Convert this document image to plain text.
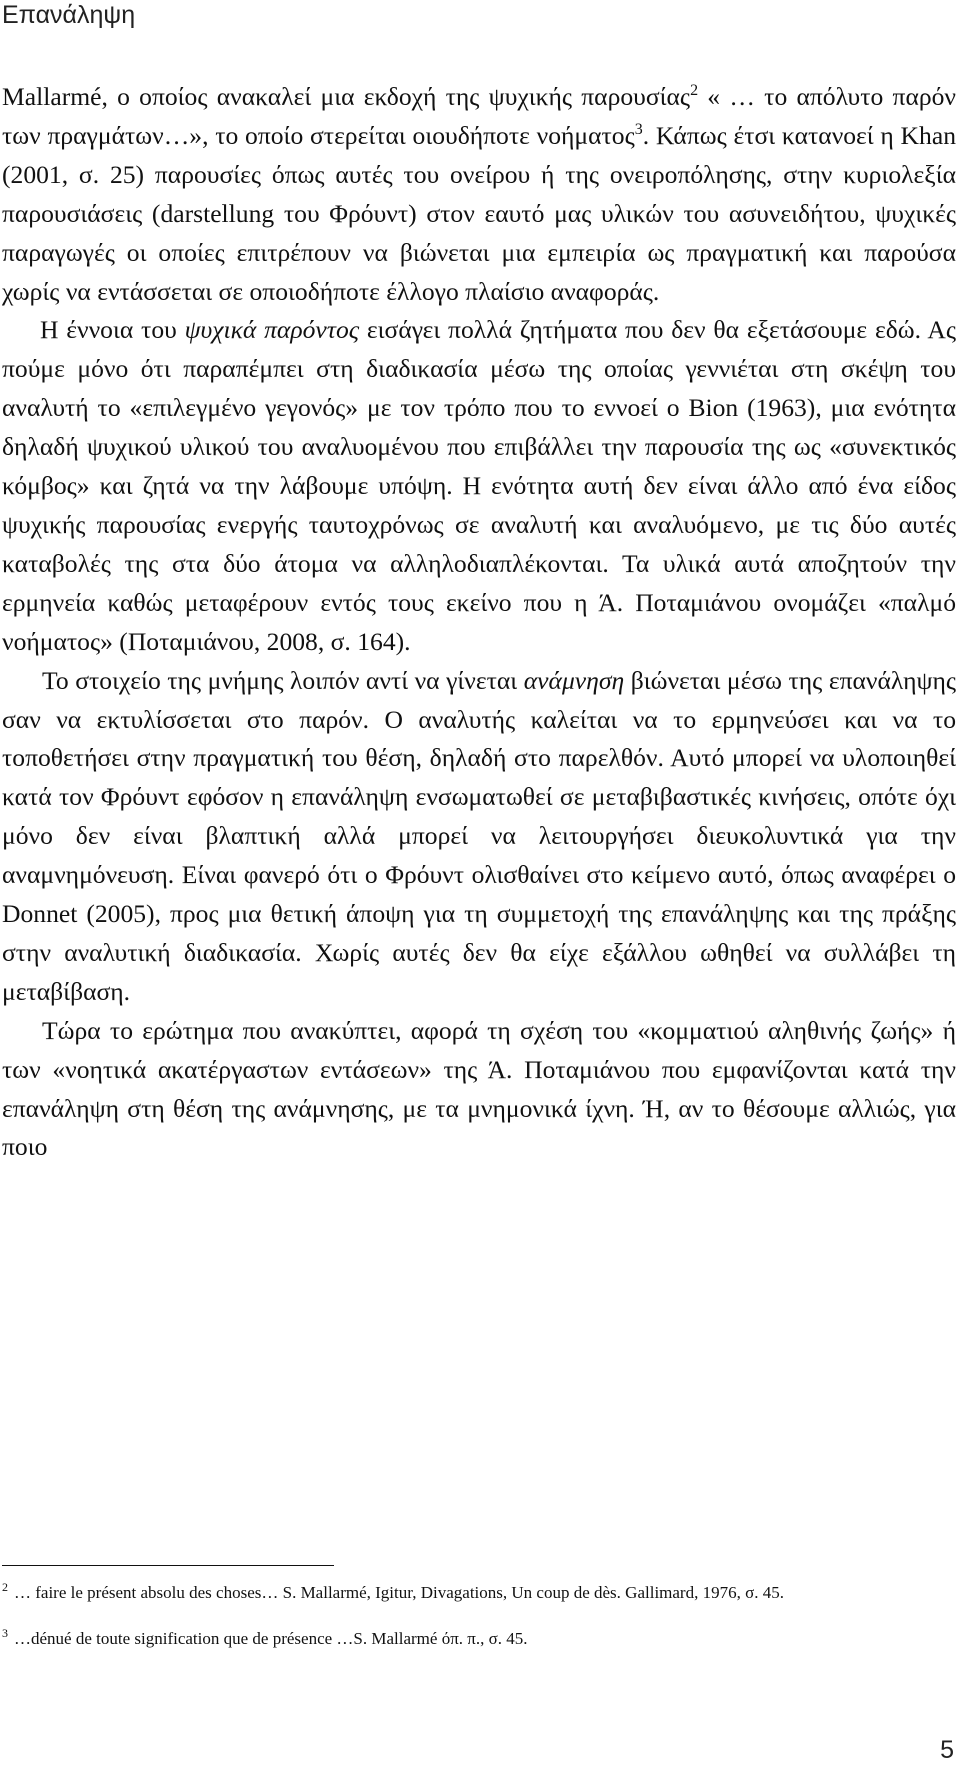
Επανάληψη

Mallarmé, ο οποίος ανακαλεί μια εκδοχή της ψυχικής παρουσίας$^2$ « … το απόλυτο παρόν των πραγμάτων…», το οποίο στερείται οιουδήποτε νοήματος$^3$. Κάπως έτσι κατανοεί η Khan (2001, σ. 25) παρουσίες όπως αυτές του ονείρου ή της ονειροπόλησης, στην κυριολεξία παρουσιάσεις (darstellung του Φρόυντ) στον εαυτό μας υλικών του ασυνειδήτου, ψυχικές παραγωγές οι οποίες επιτρέπουν να βιώνεται μια εμπειρία ως πραγματική και παρούσα χωρίς να εντάσσεται σε οποιοδήποτε έλλογο πλαίσιο αναφοράς.

Η έννοια του ψυχικά παρόντος εισάγει πολλά ζητήματα που δεν θα εξετάσουμε εδώ. Ας πούμε μόνο ότι παραπέμπει στη διαδικασία μέσω της οποίας γεννιέται στη σκέψη του αναλυτή το «επιλεγμένο γεγονός» με τον τρόπο που το εννοεί ο Bion (1963), μια ενότητα δηλαδή ψυχικού υλικού του αναλυομένου που επιβάλλει την παρουσία της ως «συνεκτικός κόμβος» και ζητά να την λάβουμε υπόψη. Η ενότητα αυτή δεν είναι άλλο από ένα είδος ψυχικής παρουσίας ενεργής ταυτοχρόνως σε αναλυτή και αναλυόμενο, με τις δύο αυτές καταβολές της στα δύο άτομα να αλληλοδιαπλέκονται. Τα υλικά αυτά αποζητούν την ερμηνεία καθώς μεταφέρουν εντός τους εκείνο που η Ά. Ποταμιάνου ονομάζει «παλμό νοήματος» (Ποταμιάνου, 2008, σ. 164).

Το στοιχείο της μνήμης λοιπόν αντί να γίνεται ανάμνηση βιώνεται μέσω της επανάληψης σαν να εκτυλίσσεται στο παρόν. Ο αναλυτής καλείται να το ερμηνεύσει και να το τοποθετήσει στην πραγματική του θέση, δηλαδή στο παρελθόν. Αυτό μπορεί να υλοποιηθεί κατά τον Φρόυντ εφόσον η επανάληψη ενσωματωθεί σε μεταβιβαστικές κινήσεις, οπότε όχι μόνο δεν είναι βλαπτική αλλά μπορεί να λειτουργήσει διευκολυντικά για την αναμνημόνευση. Είναι φανερό ότι ο Φρόυντ ολισθαίνει στο κείμενο αυτό, όπως αναφέρει ο Donnet (2005), προς μια θετική άποψη για τη συμμετοχή της επανάληψης και της πράξης στην αναλυτική διαδικασία. Χωρίς αυτές δεν θα είχε εξάλλου ωθηθεί να συλλάβει τη μεταβίβαση.

Τώρα το ερώτημα που ανακύπτει, αφορά τη σχέση του «κομματιού αληθινής ζωής» ή των «νοητικά ακατέργαστων εντάσεων» της Ά. Ποταμιάνου που εμφανίζονται κατά την επανάληψη στη θέση της ανάμνησης, με τα μνημονικά ίχνη. Ή, αν το θέσουμε αλλιώς, για ποιο

$^2$ … faire le présent absolu des choses… S. Mallarmé, Igitur, Divagations, Un coup de dès. Gallimard, 1976, σ. 45.

$^3$ …dénué de toute signification que de présence …S. Mallarmé όπ. π., σ. 45.

5
